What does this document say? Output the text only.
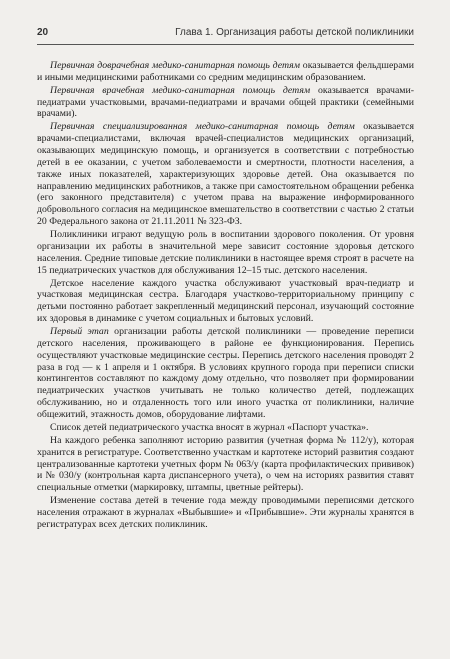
20	Глава 1. Организация работы детской поликлиники

Первичная доврачебная медико-санитарная помощь детям оказывается фельдшерами и иными медицинскими работниками со средним медицинским образованием.

Первичная врачебная медико-санитарная помощь детям оказывается врачами-педиатрами участковыми, врачами-педиатрами и врачами общей практики (семейными врачами).

Первичная специализированная медико-санитарная помощь детям оказывается врачами-специалистами, включая врачей-специалистов медицинских организаций, оказывающих медицинскую помощь, и организуется в соответствии с потребностью детей в ее оказании, с учетом заболеваемости и смертности, плотности населения, а также иных показателей, характеризующих здоровье детей. Она оказывается по направлению медицинских работников, а также при самостоятельном обращении ребенка (его законного представителя) с учетом права на выражение информированного добровольного согласия на медицинское вмешательство в соответствии с частью 2 статьи 20 Федерального закона от 21.11.2011 № 323-ФЗ.

Поликлиники играют ведущую роль в воспитании здорового поколения. От уровня организации их работы в значительной мере зависит состояние здоровья детского населения. Средние типовые детские поликлиники в настоящее время строят в расчете на 15 педиатрических участков для обслуживания 12–15 тыс. детского населения.

Детское население каждого участка обслуживают участковый врач-педиатр и участковая медицинская сестра. Благодаря участково-территориальному принципу с детьми постоянно работает закрепленный медицинский персонал, изучающий состояние их здоровья в динамике с учетом социальных и бытовых условий.

Первый этап организации работы детской поликлиники — проведение переписи детского населения, проживающего в районе ее функционирования. Перепись осуществляют участковые медицинские сестры. Перепись детского населения проводят 2 раза в год — к 1 апреля и 1 октября. В условиях крупного города при переписи списки контингентов составляют по каждому дому отдельно, что позволяет при формировании педиатрических участков учитывать не только количество детей, подлежащих обслуживанию, но и отдаленность того или иного участка от поликлиники, наличие общежитий, этажность домов, оборудование лифтами.

Список детей педиатрического участка вносят в журнал «Паспорт участка».

На каждого ребенка заполняют историю развития (учетная форма № 112/у), которая хранится в регистратуре. Соответственно участкам и картотеке историй развития создают централизованные картотеки учетных форм № 063/у (карта профилактических прививок) и № 030/у (контрольная карта диспансерного учета), о чем на историях развития ставят специальные отметки (маркировку, штампы, цветные рейтеры).

Изменение состава детей в течение года между проводимыми переписями детского населения отражают в журналах «Выбывшие» и «Прибывшие». Эти журналы хранятся в регистратурах всех детских поликлиник.
